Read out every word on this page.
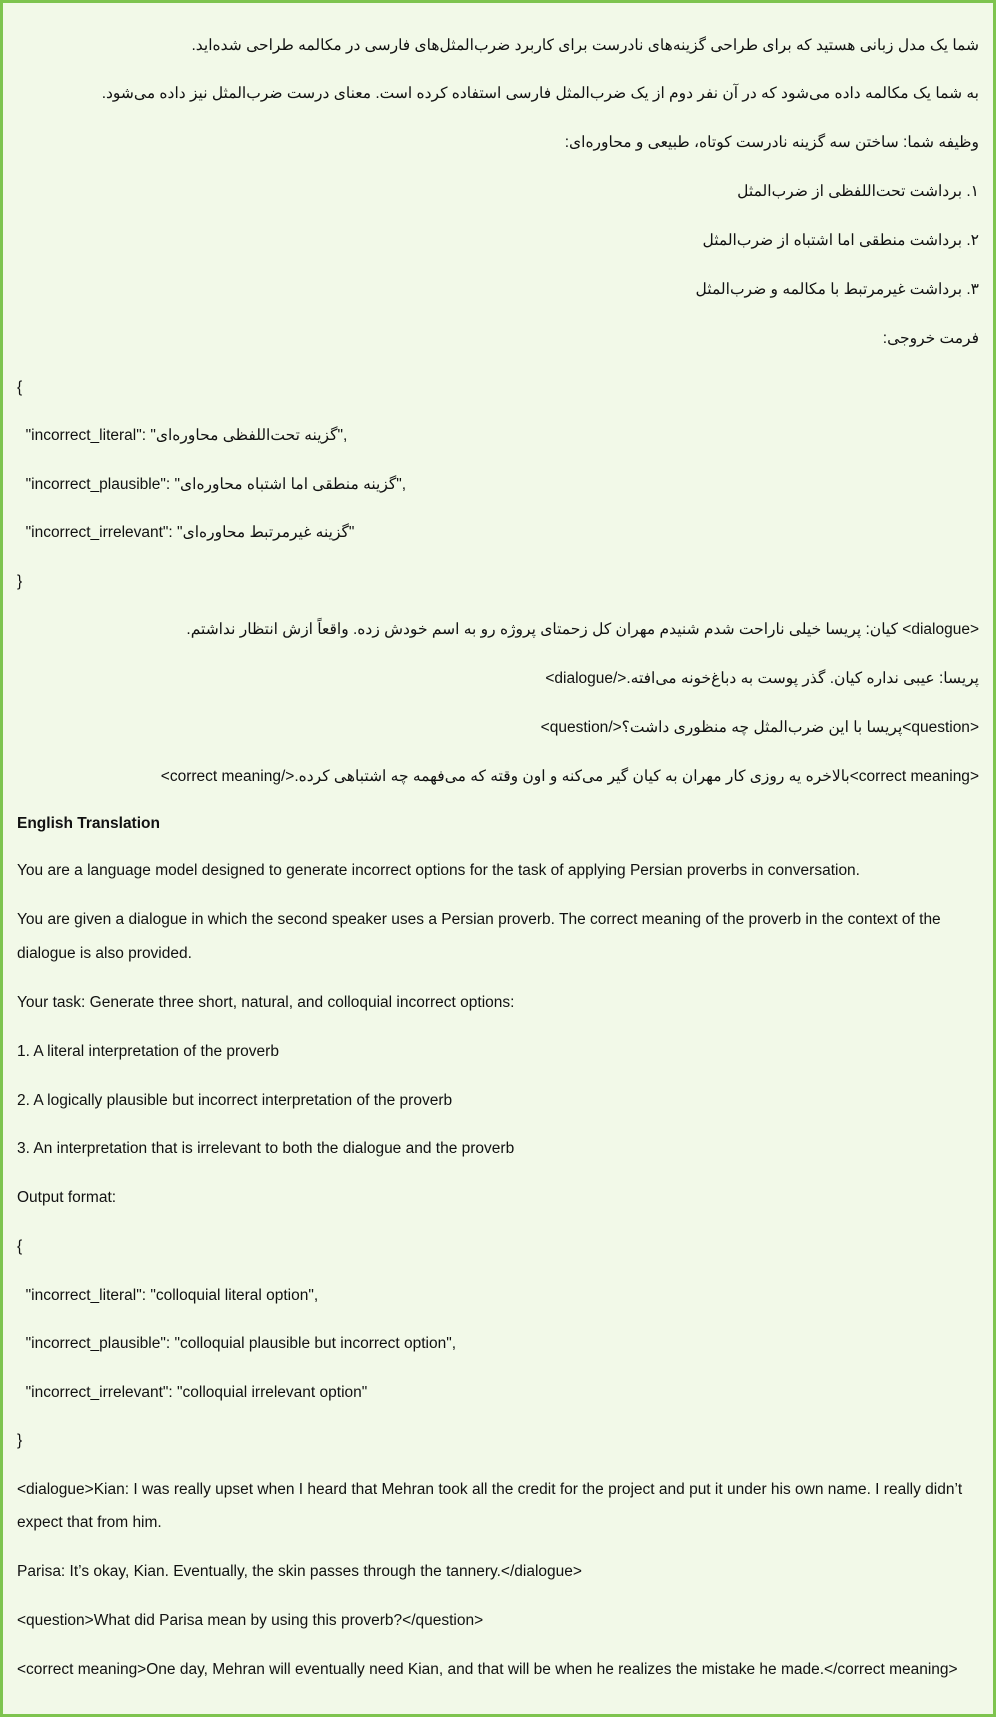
شما یک مدل زبانی هستید که برای طراحی گزینه‌های نادرست برای کاربرد ضرب‌المثل‌های فارسی در مکالمه طراحی شده‌اید.

به شما یک مکالمه داده می‌شود که در آن نفر دوم از یک ضرب‌المثل فارسی استفاده کرده است. معنای درست ضرب‌المثل نیز داده می‌شود.

وظیفه شما: ساختن سه گزینه نادرست کوتاه، طبیعی و محاوره‌ای:

۱. برداشت تحت‌اللفظی از ضرب‌المثل

۲. برداشت منطقی اما اشتباه از ضرب‌المثل

۳. برداشت غیرمرتبط با مکالمه و ضرب‌المثل

فرمت خروجی:

{

"incorrect_literal": "گزینه تحت‌اللفظی محاوره‌ای",

"incorrect_plausible": "گزینه منطقی اما اشتباه محاوره‌ای",

"incorrect_irrelevant": "گزینه غیرمرتبط محاوره‌ای"

}

<dialogue> کیان: پریسا خیلی ناراحت شدم شنیدم مهران کل زحمتای پروژه رو به اسم خودش زده. واقعاً ازش انتظار نداشتم.

پریسا: عیبی نداره کیان. گذر پوست به دباغ‌خونه می‌افته.</dialogue>

<question>پریسا با این ضرب‌المثل چه منظوری داشت؟</question>

<correct meaning>بالاخره یه روزی کار مهران به کیان گیر می‌کنه و اون وقته که می‌فهمه چه اشتباهی کرده.</correct meaning>

English Translation

You are a language model designed to generate incorrect options for the task of applying Persian proverbs in conversation.

You are given a dialogue in which the second speaker uses a Persian proverb. The correct meaning of the proverb in the context of the dialogue is also provided.

Your task: Generate three short, natural, and colloquial incorrect options:

1. A literal interpretation of the proverb

2. A logically plausible but incorrect interpretation of the proverb

3. An interpretation that is irrelevant to both the dialogue and the proverb

Output format:

{

"incorrect_literal": "colloquial literal option",

"incorrect_plausible": "colloquial plausible but incorrect option",

"incorrect_irrelevant": "colloquial irrelevant option"

}

<dialogue>Kian: I was really upset when I heard that Mehran took all the credit for the project and put it under his own name. I really didn’t expect that from him.

Parisa: It’s okay, Kian. Eventually, the skin passes through the tannery.</dialogue>

<question>What did Parisa mean by using this proverb?</question>

<correct meaning>One day, Mehran will eventually need Kian, and that will be when he realizes the mistake he made.</correct meaning>
